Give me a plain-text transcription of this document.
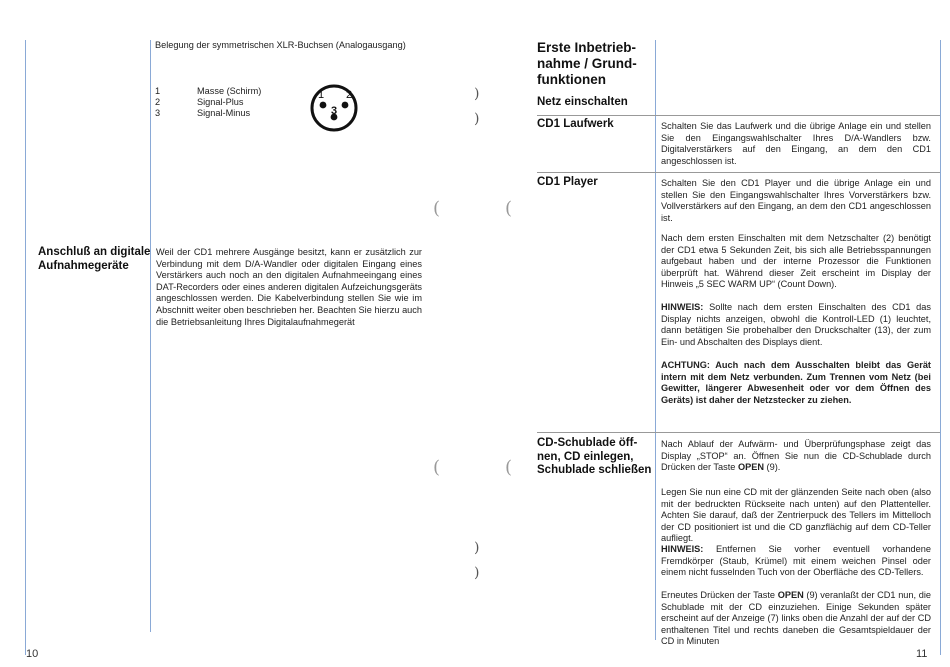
Belegung der symmetrischen XLR-Buchsen (Analogausgang)
1	Masse (Schirm)
2	Signal-Plus
3	Signal-Minus
1 2
3
Anschluß an digitale Aufnahmegeräte
Weil der CD1 mehrere Ausgänge besitzt, kann er zusätzlich zur Verbindung mit dem D/A-Wandler oder digitalen Eingang eines Verstärkers auch noch an den digitalen Aufnahmeeingang eines DAT-Recorders oder eines anderen digitalen Aufzeichungsgeräts angeschlossen werden. Die Kabelverbindung stellen Sie wie im Abschnitt weiter oben beschrieben her. Beachten Sie hierzu auch die Betriebsanleitung Ihres Digitalaufnahmegerät
10
)
)
(	(
(	(
)
)
Erste Inbetrieb-
nahme / Grund-
funktionen
Netz einschalten
CD1 Laufwerk	Schalten Sie das Laufwerk und die übrige Anlage ein und stellen Sie den Eingangswahlschalter Ihres D/A-Wandlers bzw. Digitalverstärkers auf den Eingang, an dem den CD1 angeschlossen ist.
CD1 Player	Schalten Sie den CD1 Player und die übrige Anlage ein und stellen Sie den Eingangswahlschalter Ihres Vorverstärkers bzw. Vollverstärkers auf den Eingang, an dem den CD1 angeschlossen ist.
Nach dem ersten Einschalten mit dem Netzschalter (2) benötigt der CD1 etwa 5 Sekunden Zeit, bis sich alle Betriebsspannungen aufgebaut haben und der interne Prozessor die Funktionen überprüft hat. Während dieser Zeit erscheint im Display der Hinweis „5 SEC WARM UP“ (Count Down).
HINWEIS: Sollte nach dem ersten Einschalten des CD1 das Display nichts anzeigen, obwohl die Kontroll-LED (1) leuchtet, dann betätigen Sie probehalber den Druckschalter (13), der zum Ein- und Abschalten des Displays dient.
ACHTUNG: Auch nach dem Ausschalten bleibt das Gerät intern mit dem Netz verbunden. Zum Trennen vom Netz (bei Gewitter, längerer Abwesenheit oder vor dem Öffnen des Geräts) ist daher der Netzstecker zu ziehen.
CD-Schublade öff-
nen, CD einlegen,
Schublade schließen
Nach Ablauf der Aufwärm- und Überprüfungsphase zeigt das Display „STOP“ an. Öffnen Sie nun die CD-Schublade durch Drücken der Taste OPEN (9).
Legen Sie nun eine CD mit der glänzenden Seite nach oben (also mit der bedruckten Rückseite nach unten) auf den Plattenteller. Achten Sie darauf, daß der Zentrierpuck des Tellers im Mittelloch der CD positioniert ist und die CD ganzflächig auf dem CD-Teller aufliegt.
HINWEIS: Entfernen Sie vorher eventuell vorhandene Fremdkörper (Staub, Krümel) mit einem weichen Pinsel oder einem nicht fusselnden Tuch von der Oberfläche des CD-Tellers.
Erneutes Drücken der Taste OPEN (9) veranlaßt der CD1 nun, die Schublade mit der CD einzuziehen. Einige Sekunden später erscheint auf der Anzeige (7) links oben die Anzahl der auf der CD enthaltenen Titel und rechts daneben die Gesamtspieldauer der CD in Minuten
11
